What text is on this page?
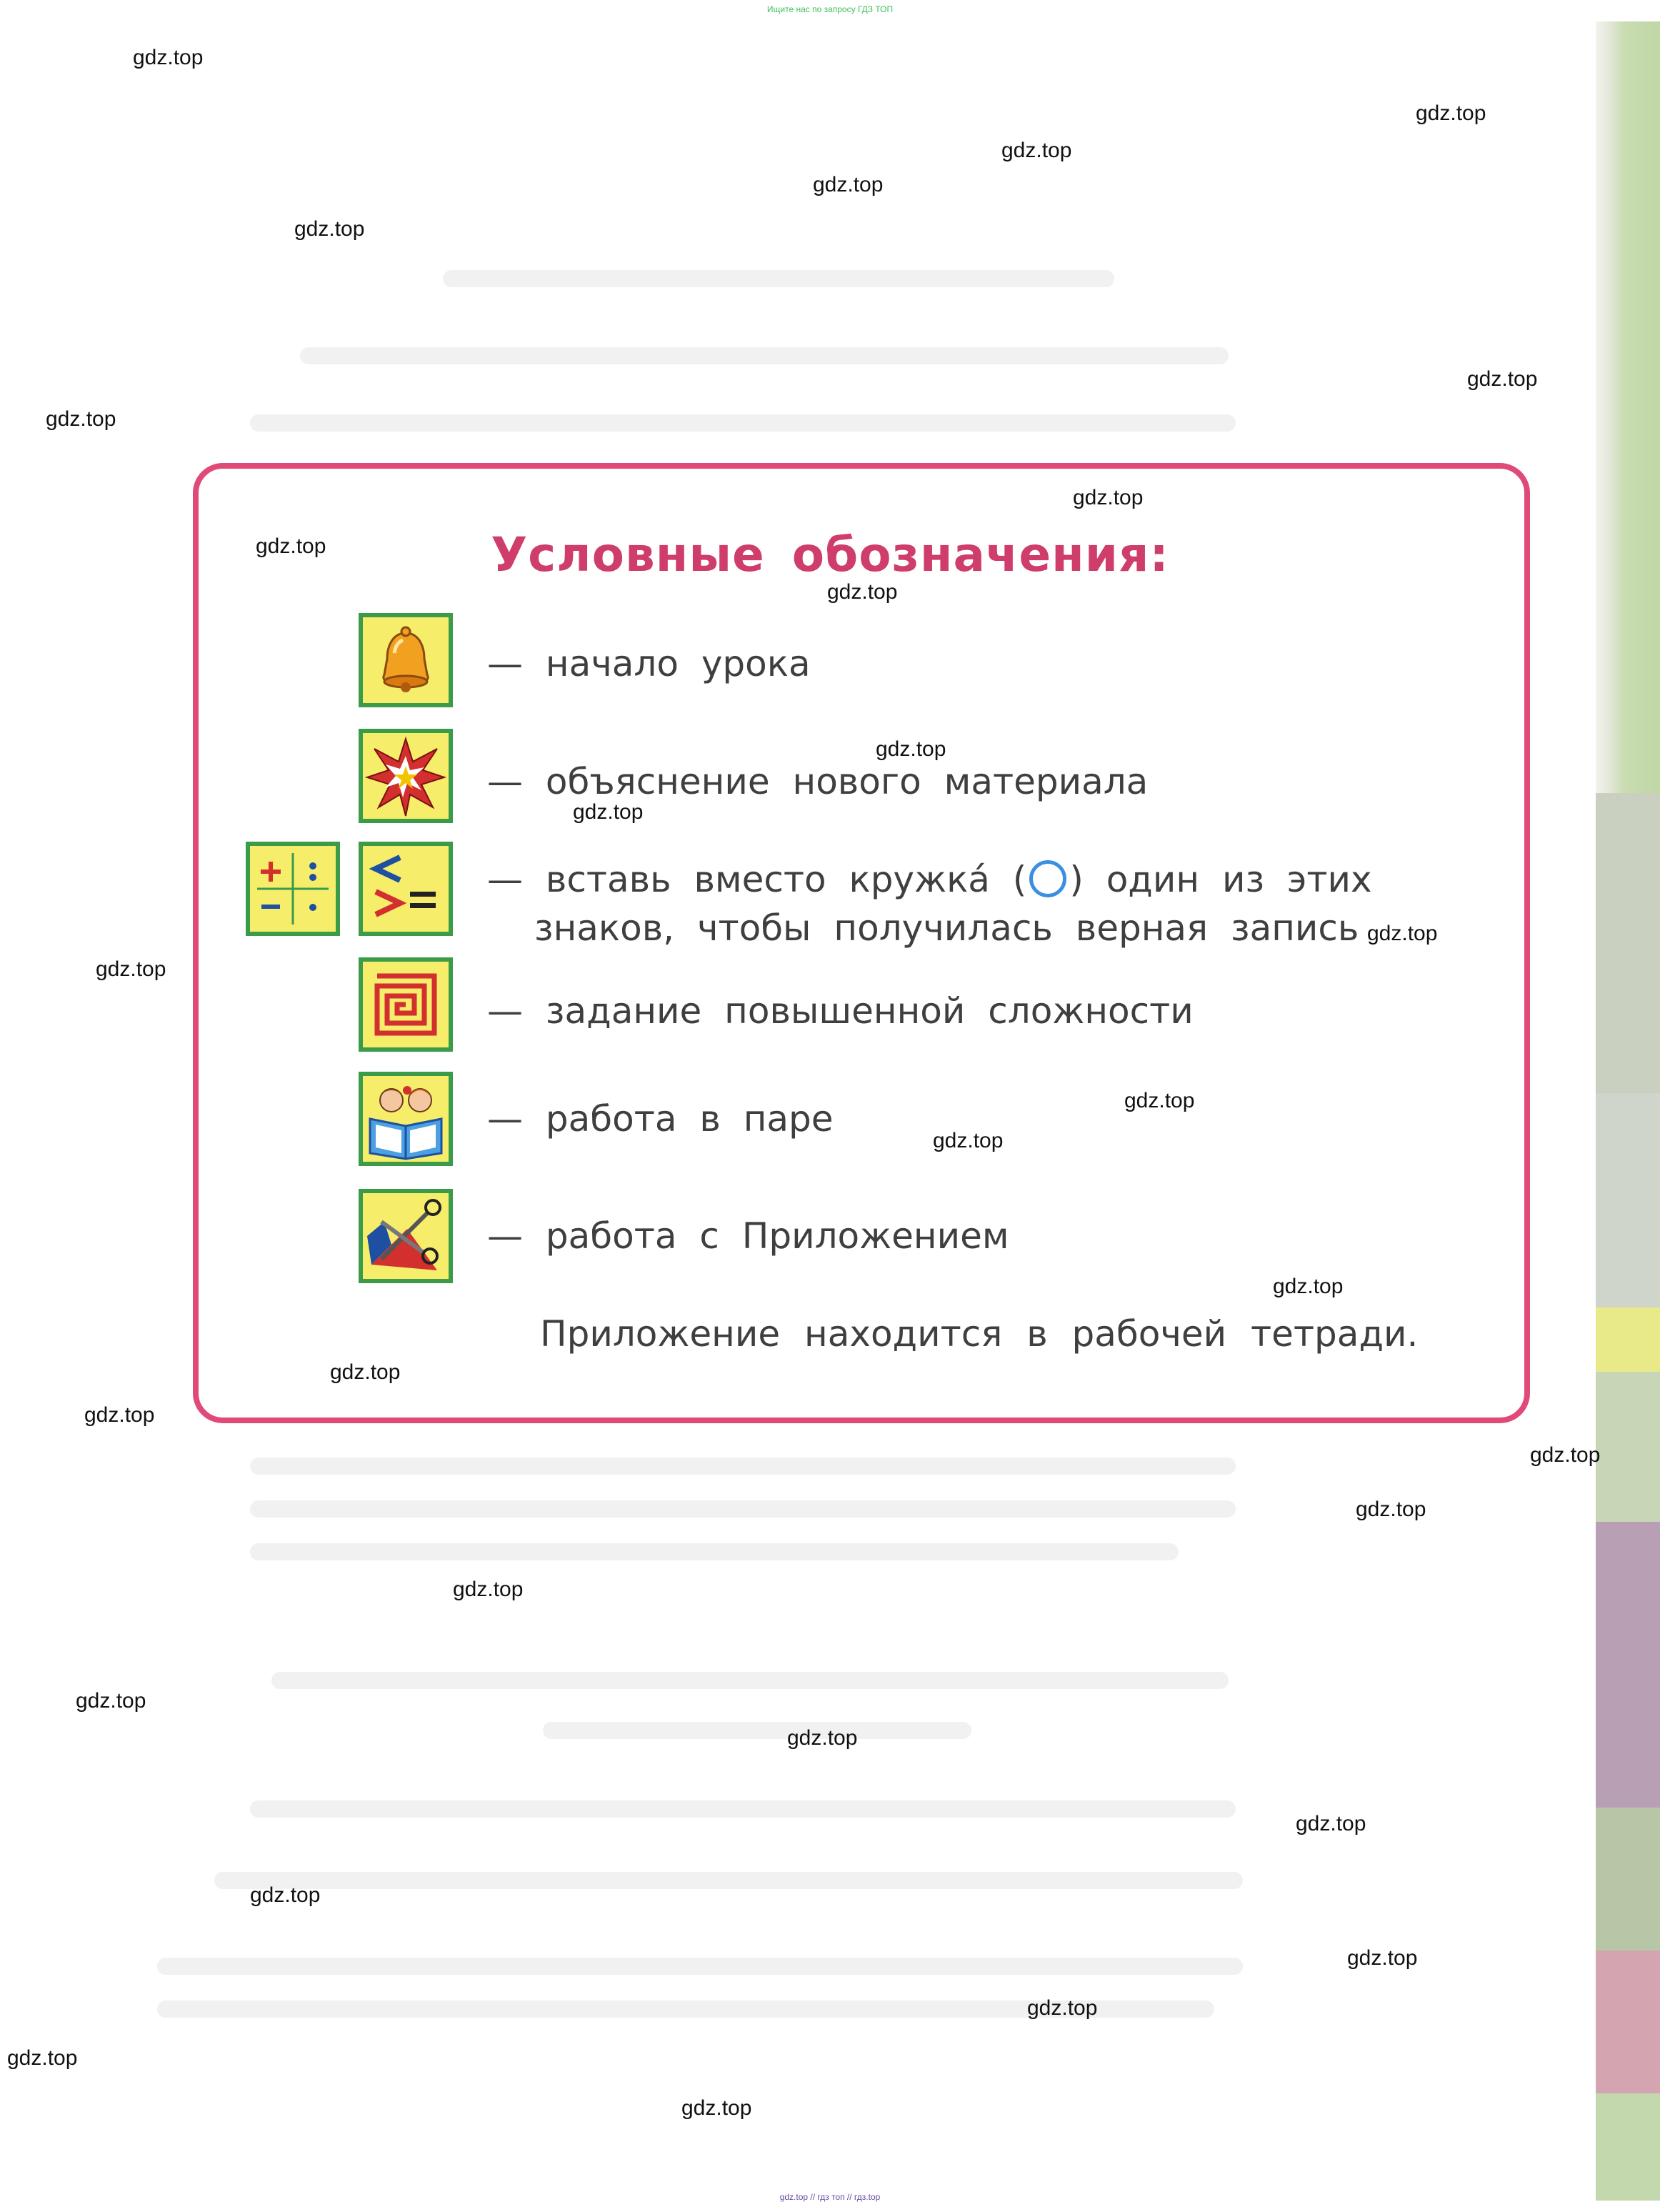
Ищите нас по запросу ГДЗ ТОП
Условные обозначения:
— начало урока
— объяснение нового материала
— вставь вместо кружка́ ( ) один из этих
знаков, чтобы получилась верная запись
— задание повышенной сложности
— работа в паре
— работа с Приложением
Приложение находится в рабочей тетради.
gdz.top
gdz.top
gdz.top
gdz.top
gdz.top
gdz.top
gdz.top
gdz.top
gdz.top
gdz.top
gdz.top
gdz.top
gdz.top
gdz.top
gdz.top
gdz.top
gdz.top
gdz.top
gdz.top
gdz.top
gdz.top
gdz.top
gdz.top
gdz.top
gdz.top
gdz.top
gdz.top
gdz.top
gdz.top
gdz.top
gdz.top // гдз топ // гдз.top
